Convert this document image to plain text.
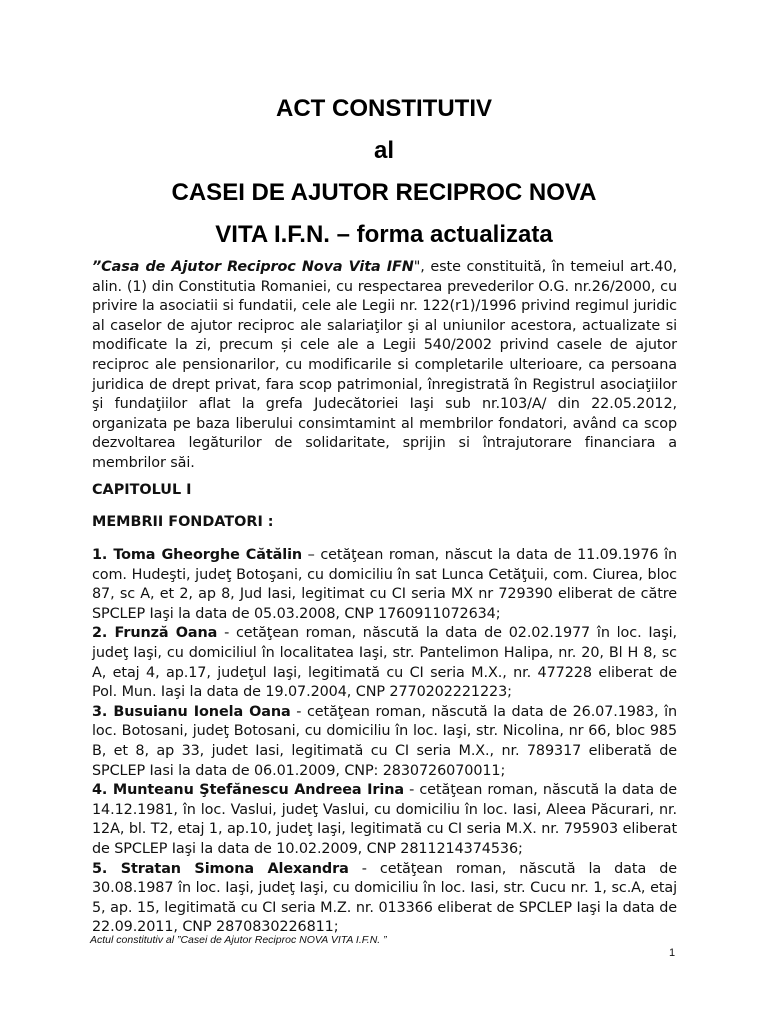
ACT CONSTITUTIV
al
CASEI DE AJUTOR RECIPROC NOVA
VITA I.F.N. – forma actualizata

”Casa de Ajutor Reciproc Nova Vita IFN", este constituită, în temeiul art.40, alin. (1) din Constitutia Romaniei, cu respectarea prevederilor O.G. nr.26/2000, cu privire la asociatii si fundatii, cele ale Legii nr. 122(r1)/1996 privind regimul juridic al caselor de ajutor reciproc ale salariaţilor şi al uniunilor acestora, actualizate si modificate la zi, precum și cele ale a Legii 540/2002 privind casele de ajutor reciproc ale pensionarilor, cu modificarile si completarile ulterioare, ca persoana juridica de drept privat, fara scop patrimonial, înregistrată în Registrul asociaţiilor şi fundaţiilor aflat la grefa Judecătoriei Iaşi sub nr.103/A/ din 22.05.2012, organizata pe baza liberului consimtamint al membrilor fondatori, având ca scop dezvoltarea legăturilor de solidaritate, sprijin si întrajutorare financiara a membrilor săi.

CAPITOLUL I
MEMBRII FONDATORI :

1. Toma Gheorghe Cătălin – cetăţean roman, născut la data de 11.09.1976 în com. Hudeşti, judeţ Botoşani, cu domiciliu în sat Lunca Cetăţuii, com. Ciurea, bloc 87, sc A, et 2, ap 8, Jud Iasi, legitimat cu CI seria MX nr 729390 eliberat de către SPCLEP Iaşi la data de 05.03.2008, CNP 1760911072634;

2. Frunză Oana - cetăţean roman, născută la data de 02.02.1977 în loc. Iaşi, judeţ Iaşi, cu domiciliul în localitatea Iaşi, str. Pantelimon Halipa, nr. 20, Bl H 8, sc A, etaj 4, ap.17, judeţul Iaşi, legitimată cu CI seria M.X., nr. 477228 eliberat de Pol. Mun. Iaşi la data de 19.07.2004, CNP 2770202221223;

3. Busuianu Ionela Oana - cetăţean roman, născută la data de 26.07.1983, în loc. Botosani, judeţ Botosani, cu domiciliu în loc. Iaşi, str. Nicolina, nr 66, bloc 985 B, et 8, ap 33, judet Iasi, legitimată cu CI seria M.X., nr. 789317 eliberată de SPCLEP Iasi la data de 06.01.2009, CNP: 2830726070011;

4. Munteanu Ştefănescu Andreea Irina - cetăţean roman, născută la data de 14.12.1981, în loc. Vaslui, judeţ Vaslui, cu domiciliu în loc. Iasi, Aleea Păcurari, nr. 12A, bl. T2, etaj 1, ap.10, judeţ Iaşi, legitimată cu CI seria M.X. nr. 795903 eliberat de SPCLEP Iaşi la data de 10.02.2009, CNP 2811214374536;

5. Stratan Simona Alexandra - cetăţean roman, născută la data de 30.08.1987 în loc. Iaşi, judeţ Iaşi, cu domiciliu în loc. Iasi, str. Cucu nr. 1, sc.A, etaj 5, ap. 15, legitimată cu CI seria M.Z. nr. 013366 eliberat de SPCLEP Iaşi la data de 22.09.2011, CNP 2870830226811;

Actul constitutiv al ”Casei de Ajutor Reciproc NOVA VITA I.F.N. ”
1
